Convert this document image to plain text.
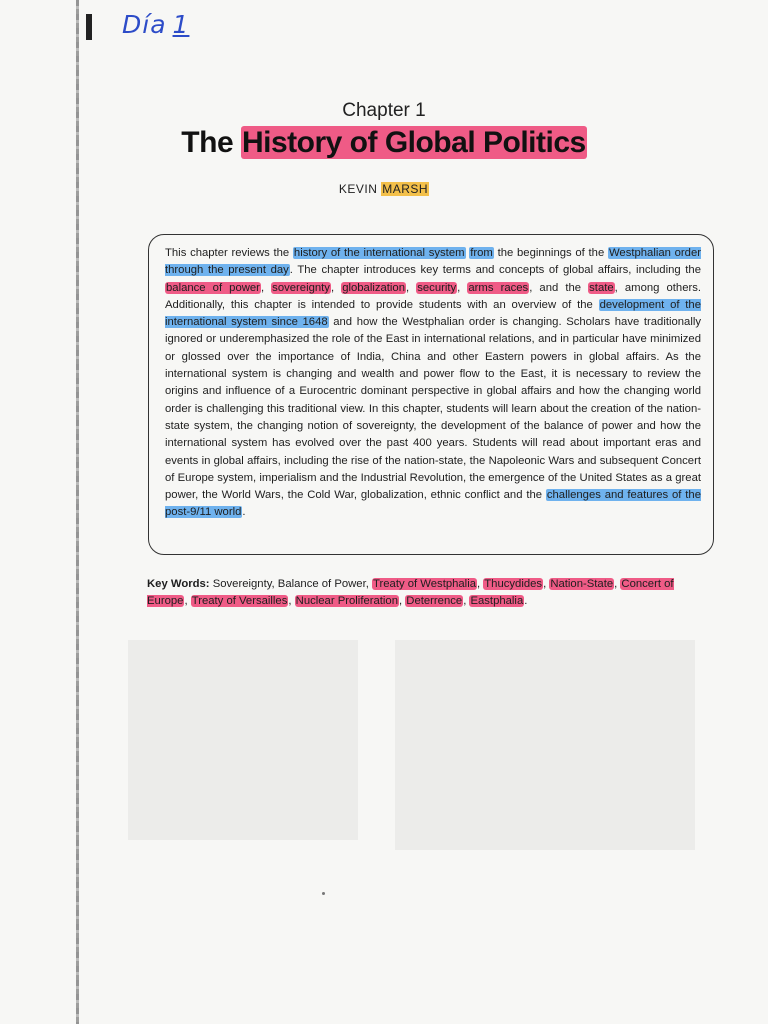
Día 1
Chapter 1
The History of Global Politics
KEVIN MARSH

This chapter reviews the history of the international system from the beginnings of the Westphalian order through the present day. The chapter introduces key terms and concepts of global affairs, including the balance of power, sovereignty, globalization, security, arms races, and the state, among others. Additionally, this chapter is intended to provide students with an overview of the development of the international system since 1648 and how the Westphalian order is changing. Scholars have traditionally ignored or underemphasized the role of the East in international relations, and in particular have minimized or glossed over the importance of India, China and other Eastern powers in global affairs. As the international system is changing and wealth and power flow to the East, it is necessary to review the origins and influence of a Eurocentric dominant perspective in global affairs and how the changing world order is challenging this traditional view. In this chapter, students will learn about the creation of the nation-state system, the changing notion of sovereignty, the development of the balance of power and how the international system has evolved over the past 400 years. Students will read about important eras and events in global affairs, including the rise of the nation-state, the Napoleonic Wars and subsequent Concert of Europe system, imperialism and the Industrial Revolution, the emergence of the United States as a great power, the World Wars, the Cold War, globalization, ethnic conflict and the challenges and features of the post-9/11 world.

Key Words: Sovereignty, Balance of Power, Treaty of Westphalia, Thucydides, Nation-State, Concert of Europe, Treaty of Versailles, Nuclear Proliferation, Deterrence, Eastphalia.
